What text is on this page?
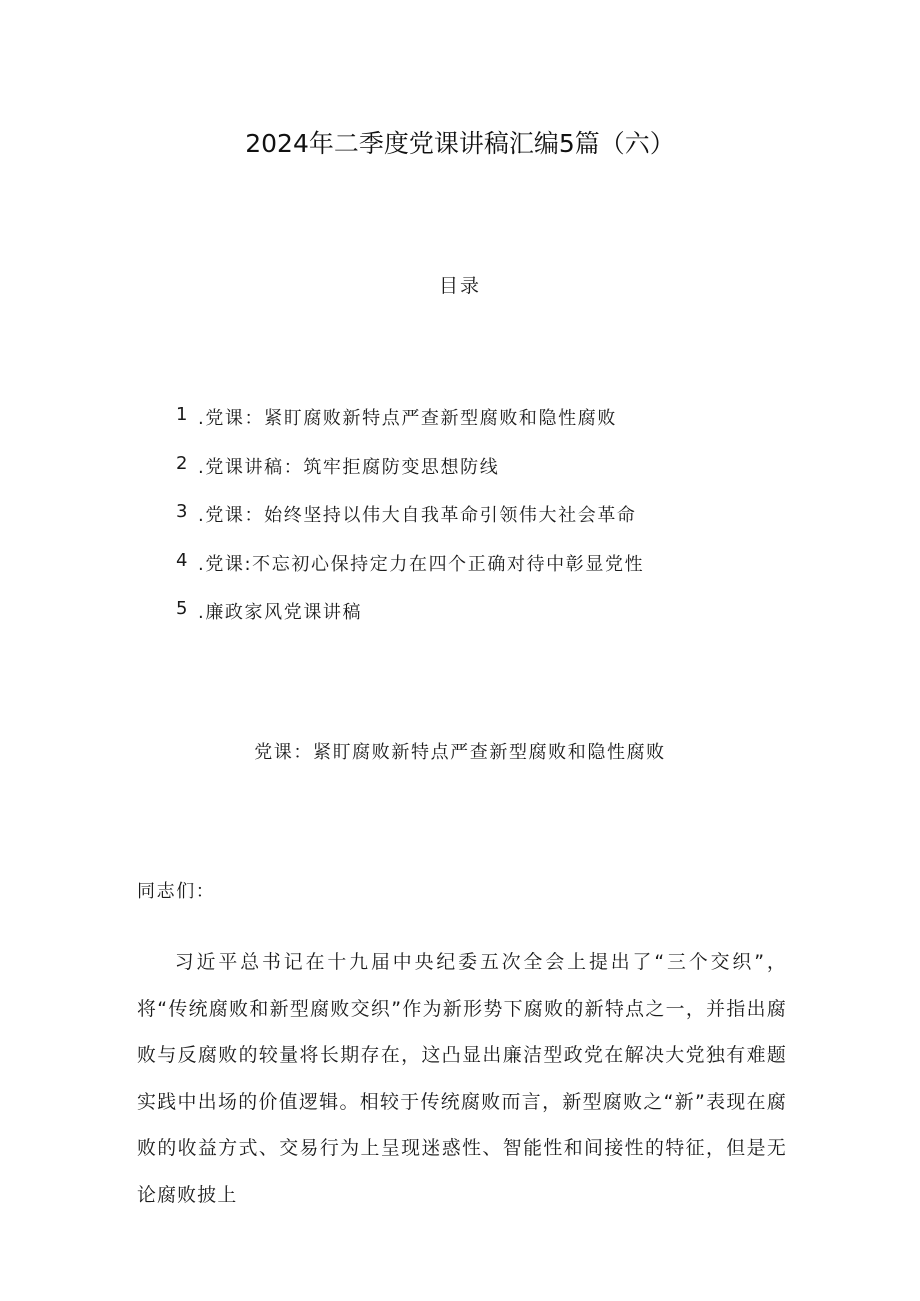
2024年二季度党课讲稿汇编5篇（六）
目录
1 .党课：紧盯腐败新特点严查新型腐败和隐性腐败
2 .党课讲稿：筑牢拒腐防变思想防线
3 .党课：始终坚持以伟大自我革命引领伟大社会革命
4 .党课:不忘初心保持定力在四个正确对待中彰显党性
5 .廉政家风党课讲稿
党课：紧盯腐败新特点严查新型腐败和隐性腐败
同志们：

习近平总书记在十九届中央纪委五次全会上提出了“三个交织”，将“传统腐败和新型腐败交织”作为新形势下腐败的新特点之一，并指出腐败与反腐败的较量将长期存在，这凸显出廉洁型政党在解决大党独有难题实践中出场的价值逻辑。相较于传统腐败而言，新型腐败之“新”表现在腐败的收益方式、交易行为上呈现迷惑性、智能性和间接性的特征，但是无论腐败披上
